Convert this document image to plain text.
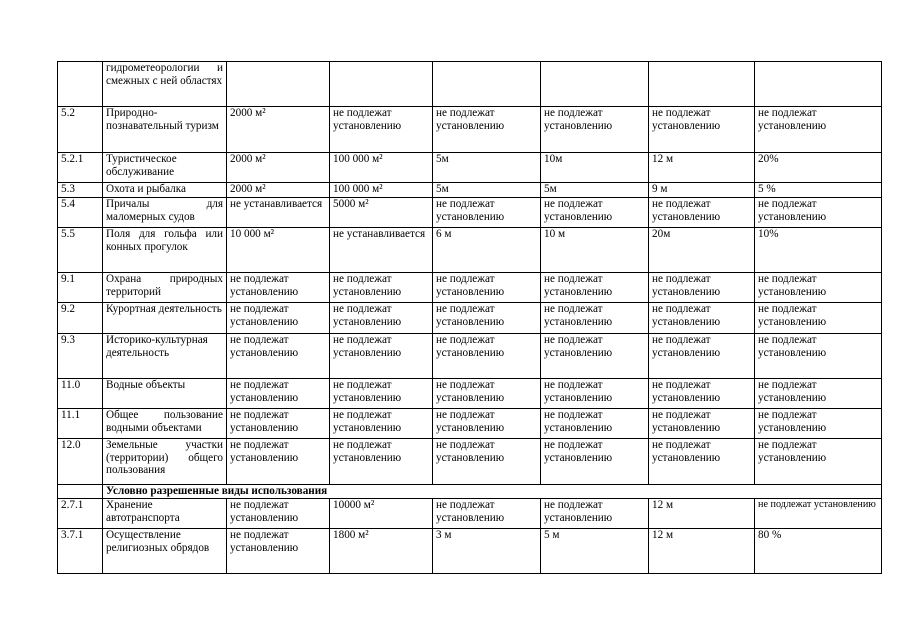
	гидрометеорологии и смежных с ней областях						
5.2	Природно-познавательный туризм	2000 м²	не подлежат установлению	не подлежат установлению	не подлежат установлению	не подлежат установлению	не подлежат установлению
5.2.1	Туристическое обслуживание	2000 м²	100 000 м²	5м	10м	12 м	20%
5.3	Охота и рыбалка	2000 м²	100 000 м²	5м	5м	9 м	5 %
5.4	Причалы для маломерных судов	не устанавливается	5000 м²	не подлежат установлению	не подлежат установлению	не подлежат установлению	не подлежат установлению
5.5	Поля для гольфа или конных прогулок	10 000 м²	не устанавливается	6 м	10 м	20м	10%
9.1	Охрана природных территорий	не подлежат установлению	не подлежат установлению	не подлежат установлению	не подлежат установлению	не подлежат установлению	не подлежат установлению
9.2	Курортная деятельность	не подлежат установлению	не подлежат установлению	не подлежат установлению	не подлежат установлению	не подлежат установлению	не подлежат установлению
9.3	Историко-культурная деятельность	не подлежат установлению	не подлежат установлению	не подлежат установлению	не подлежат установлению	не подлежат установлению	не подлежат установлению
11.0	Водные объекты	не подлежат установлению	не подлежат установлению	не подлежат установлению	не подлежат установлению	не подлежат установлению	не подлежат установлению
11.1	Общее пользование водными объектами	не подлежат установлению	не подлежат установлению	не подлежат установлению	не подлежат установлению	не подлежат установлению	не подлежат установлению
12.0	Земельные участки (территории) общего пользования	не подлежат установлению	не подлежат установлению	не подлежат установлению	не подлежат установлению	не подлежат установлению	не подлежат установлению
	Условно разрешенные виды использования						
2.7.1	Хранение автотранспорта	не подлежат установлению	10000 м²	не подлежат установлению	не подлежат установлению	12 м	не подлежат установлению
3.7.1	Осуществление религиозных обрядов	не подлежат установлению	1800 м²	3 м	5 м	12 м	80 %
